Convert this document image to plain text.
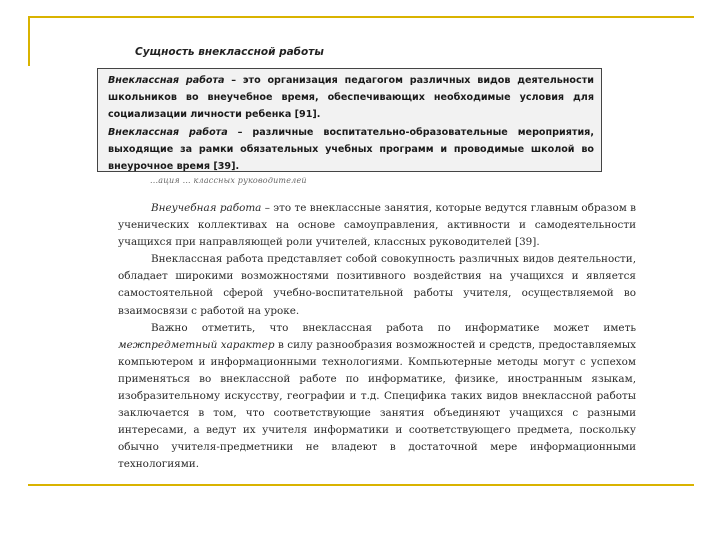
Сущность внеклассной работы

Внеклассная работа – это организация педагогом различных видов деятельности школьников во внеучебное время, обеспечивающих необходимые условия для социализации личности ребенка [91].

Внеклассная работа – различные воспитательно-образовательные мероприятия, выходящие за рамки обязательных учебных программ и проводимые школой во внеурочное время [39].

...ация ... классных руководителей

Внеучебная работа – это те внеклассные занятия, которые ведутся главным образом в ученических коллективах на основе самоуправления, активности и самодеятельности учащихся при направляющей роли учителей, классных руководителей [39].

Внеклассная работа представляет собой совокупность различных видов деятельности, обладает широкими возможностями позитивного воздействия на учащихся и является самостоятельной сферой учебно-воспитательной работы учителя, осуществляемой во взаимосвязи с работой на уроке.

Важно отметить, что внеклассная работа по информатике может иметь межпредметный характер в силу разнообразия возможностей и средств, предоставляемых компьютером и информационными технологиями. Компьютерные методы могут с успехом применяться во внеклассной работе по информатике, физике, иностранным языкам, изобразительному искусству, географии и т.д. Специфика таких видов внеклассной работы заключается в том, что соответствующие занятия объединяют учащихся с разными интересами, а ведут их учителя информатики и соответствующего предмета, поскольку обычно учителя-предметники не владеют в достаточной мере информационными технологиями.
